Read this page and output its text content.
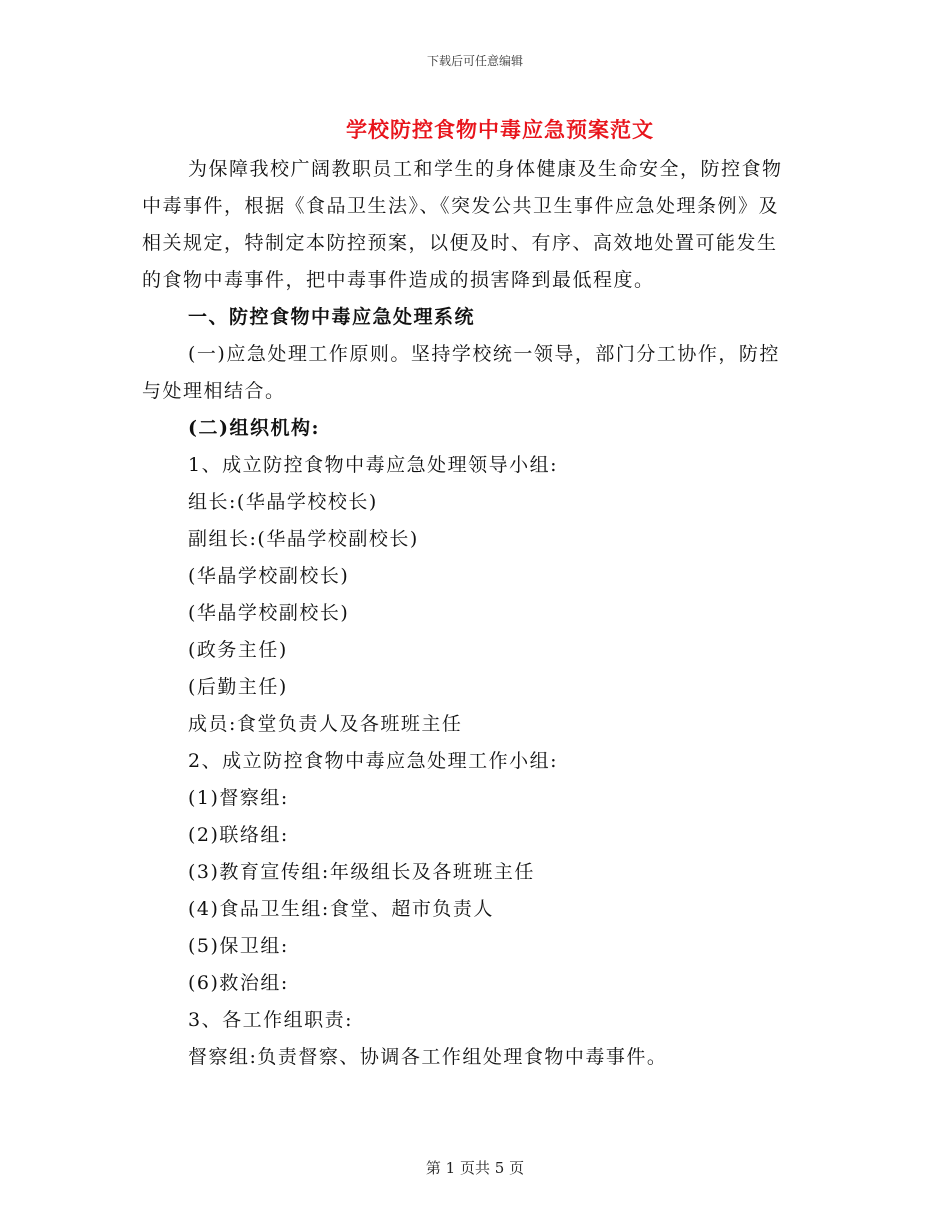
下载后可任意编辑
学校防控食物中毒应急预案范文

为保障我校广阔教职员工和学生的身体健康及生命安全，防控食物中毒事件，根据《食品卫生法》、《突发公共卫生事件应急处理条例》及相关规定，特制定本防控预案，以便及时、有序、高效地处置可能发生的食物中毒事件，把中毒事件造成的损害降到最低程度。

一、防控食物中毒应急处理系统

(一)应急处理工作原则。坚持学校统一领导，部门分工协作，防控与处理相结合。

(二)组织机构:

1、成立防控食物中毒应急处理领导小组:

组长:(华晶学校校长)

副组长:(华晶学校副校长)

(华晶学校副校长)

(华晶学校副校长)

(政务主任)

(后勤主任)

成员:食堂负责人及各班班主任

2、成立防控食物中毒应急处理工作小组:

(1)督察组:

(2)联络组:

(3)教育宣传组:年级组长及各班班主任

(4)食品卫生组:食堂、超市负责人

(5)保卫组:

(6)救治组:

3、各工作组职责:

督察组:负责督察、协调各工作组处理食物中毒事件。

第 1 页共 5 页
